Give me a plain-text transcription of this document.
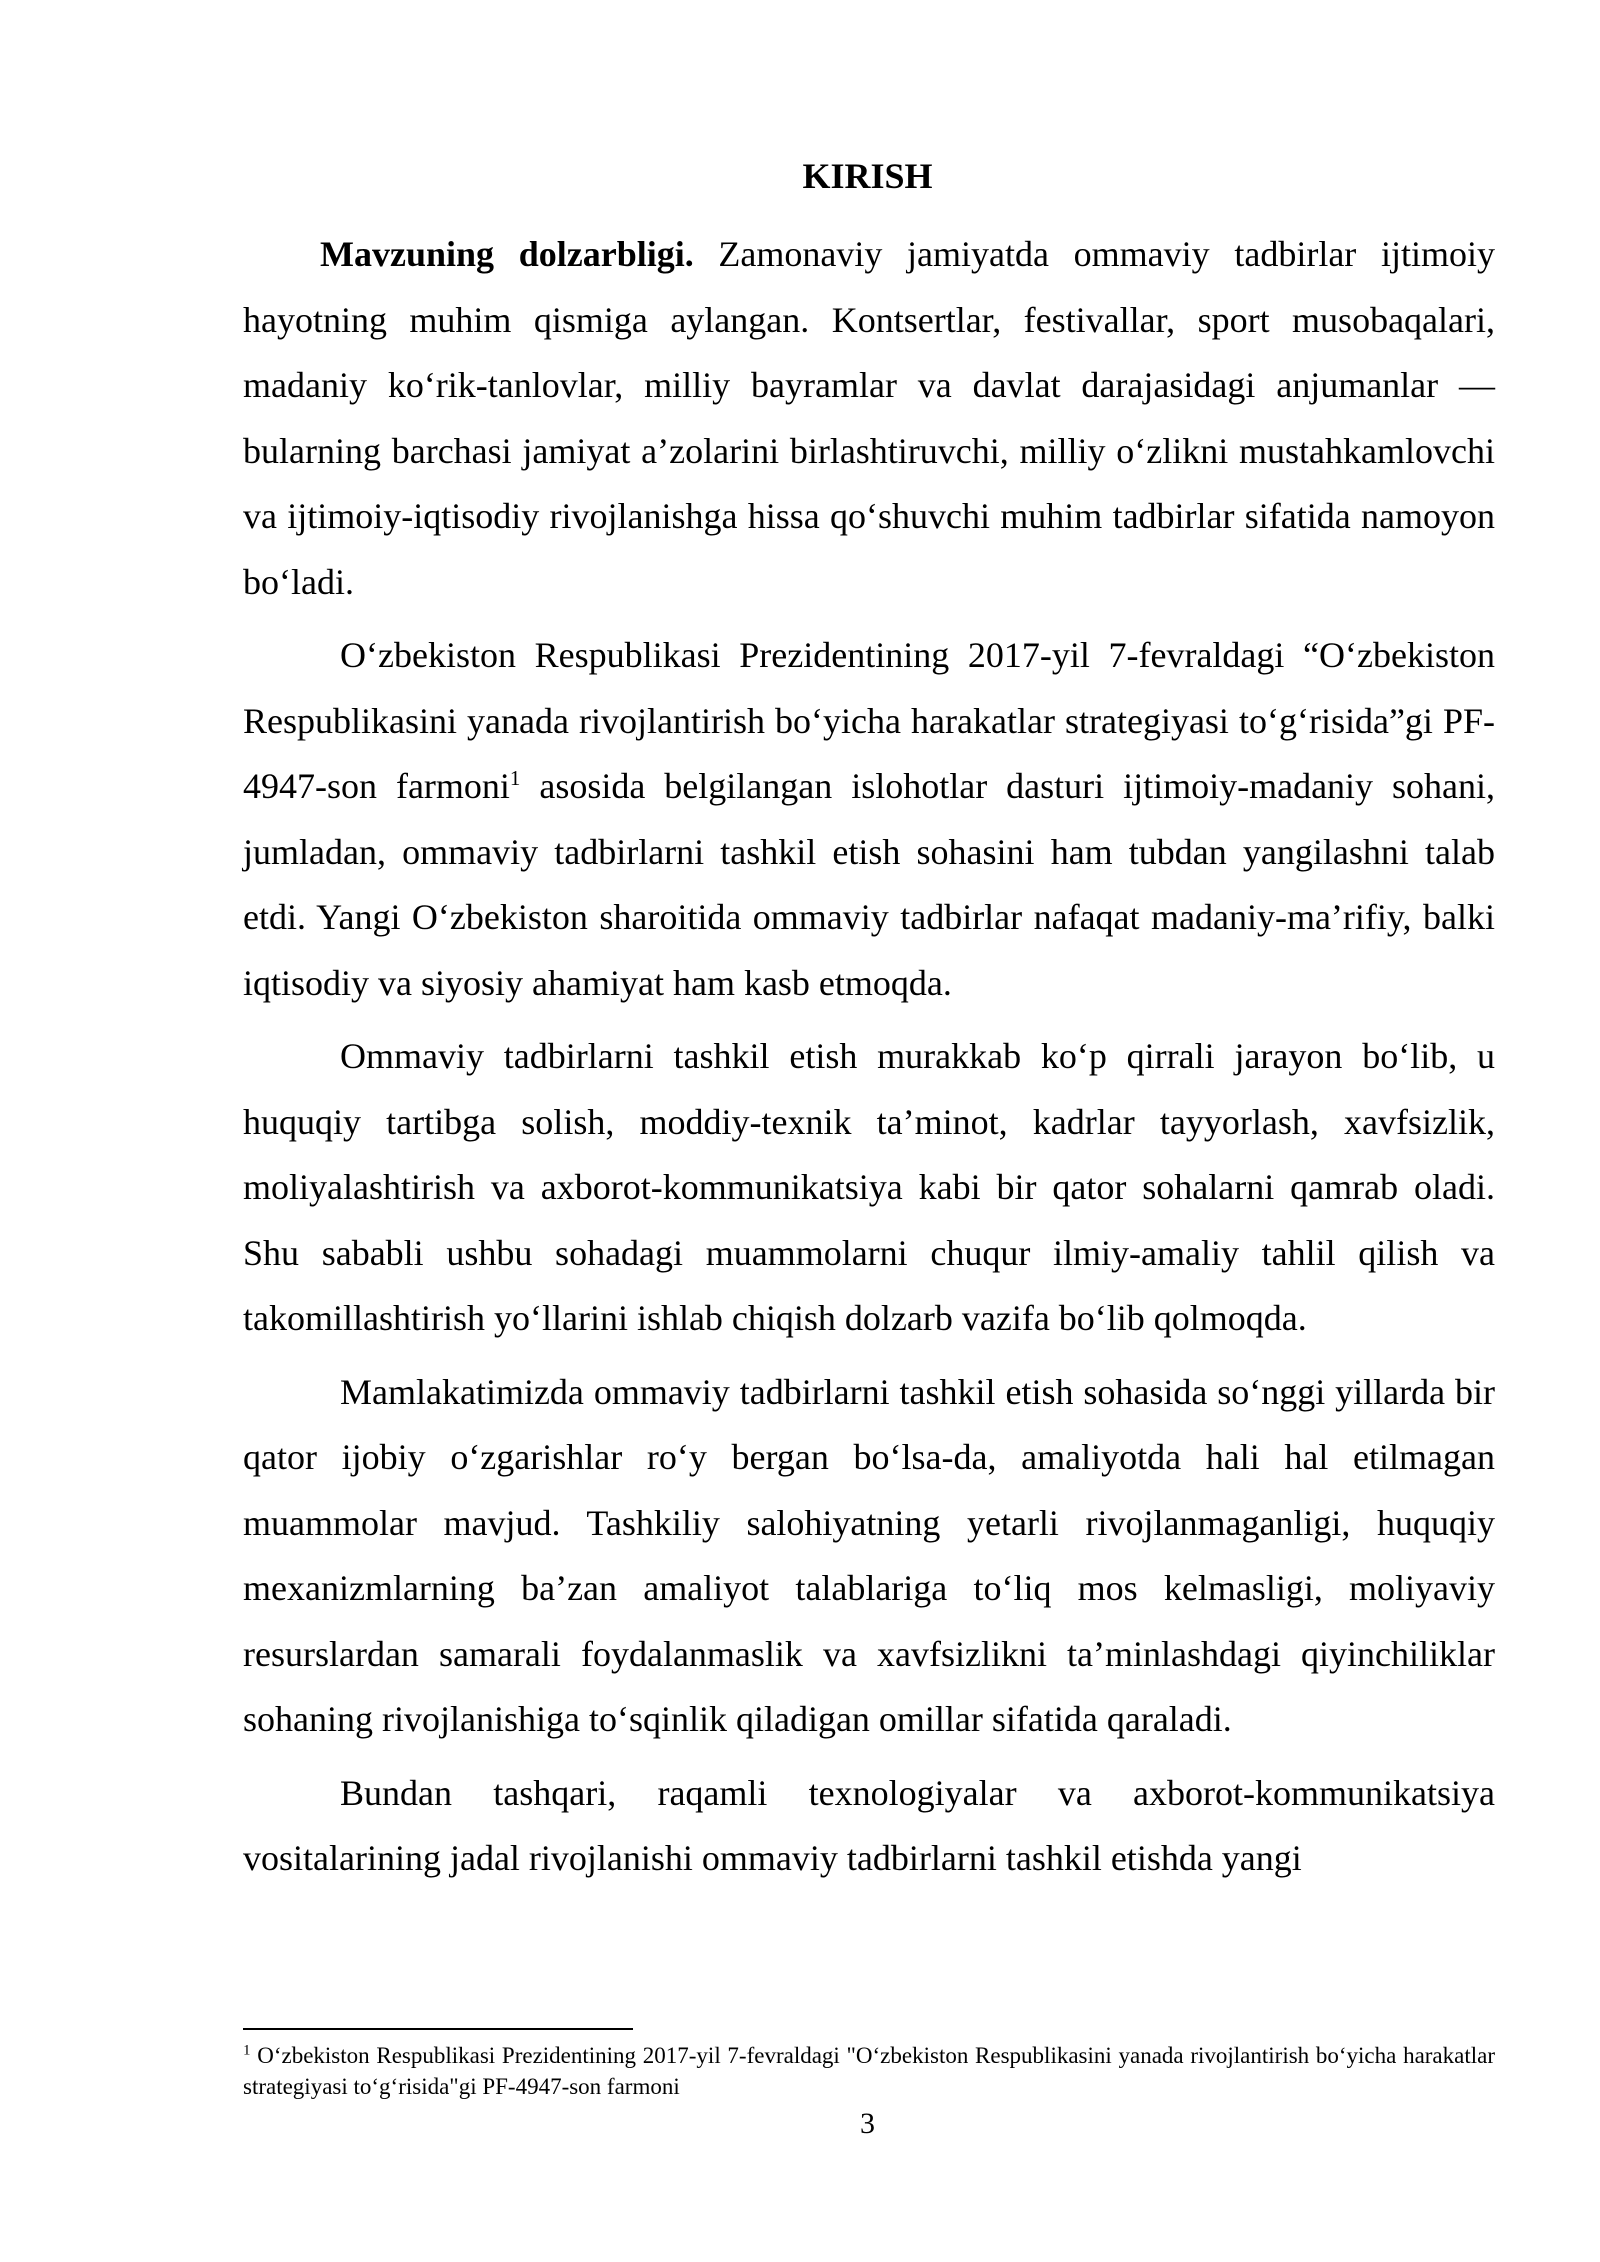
KIRISH

Mavzuning dolzarbligi. Zamonaviy jamiyatda ommaviy tadbirlar ijtimoiy hayotning muhim qismiga aylangan. Kontsertlar, festivallar, sport musobaqalari, madaniy ko‘rik-tanlovlar, milliy bayramlar va davlat darajasidagi anjumanlar — bularning barchasi jamiyat a’zolarini birlashtiruvchi, milliy o‘zlikni mustahkamlovchi va ijtimoiy-iqtisodiy rivojlanishga hissa qo‘shuvchi muhim tadbirlar sifatida namoyon bo‘ladi.

O‘zbekiston Respublikasi Prezidentining 2017-yil 7-fevraldagi “O‘zbekiston Respublikasini yanada rivojlantirish bo‘yicha harakatlar strategiyasi to‘g‘risida”gi PF-4947-son farmoni$^1$ asosida belgilangan islohotlar dasturi ijtimoiy-madaniy sohani, jumladan, ommaviy tadbirlarni tashkil etish sohasini ham tubdan yangilashni talab etdi. Yangi O‘zbekiston sharoitida ommaviy tadbirlar nafaqat madaniy-ma’rifiy, balki iqtisodiy va siyosiy ahamiyat ham kasb etmoqda.

Ommaviy tadbirlarni tashkil etish murakkab ko‘p qirrali jarayon bo‘lib, u huquqiy tartibga solish, moddiy-texnik ta’minot, kadrlar tayyorlash, xavfsizlik, moliyalashtirish va axborot-kommunikatsiya kabi bir qator sohalarni qamrab oladi. Shu sababli ushbu sohadagi muammolarni chuqur ilmiy-amaliy tahlil qilish va takomillashtirish yo‘llarini ishlab chiqish dolzarb vazifa bo‘lib qolmoqda.

Mamlakatimizda ommaviy tadbirlarni tashkil etish sohasida so‘nggi yillarda bir qator ijobiy o‘zgarishlar ro‘y bergan bo‘lsa-da, amaliyotda hali hal etilmagan muammolar mavjud. Tashkiliy salohiyatning yetarli rivojlanmaganligi, huquqiy mexanizmlarning ba’zan amaliyot talablariga to‘liq mos kelmasligi, moliyaviy resurslardan samarali foydalanmaslik va xavfsizlikni ta’minlashdagi qiyinchiliklar sohaning rivojlanishiga to‘sqinlik qiladigan omillar sifatida qaraladi.

Bundan tashqari, raqamli texnologiyalar va axborot-kommunikatsiya vositalarining jadal rivojlanishi ommaviy tadbirlarni tashkil etishda yangi

$^1$ O‘zbekiston Respublikasi Prezidentining 2017-yil 7-fevraldagi "O‘zbekiston Respublikasini yanada rivojlantirish bo‘yicha harakatlar strategiyasi to‘g‘risida"gi PF-4947-son farmoni

3
